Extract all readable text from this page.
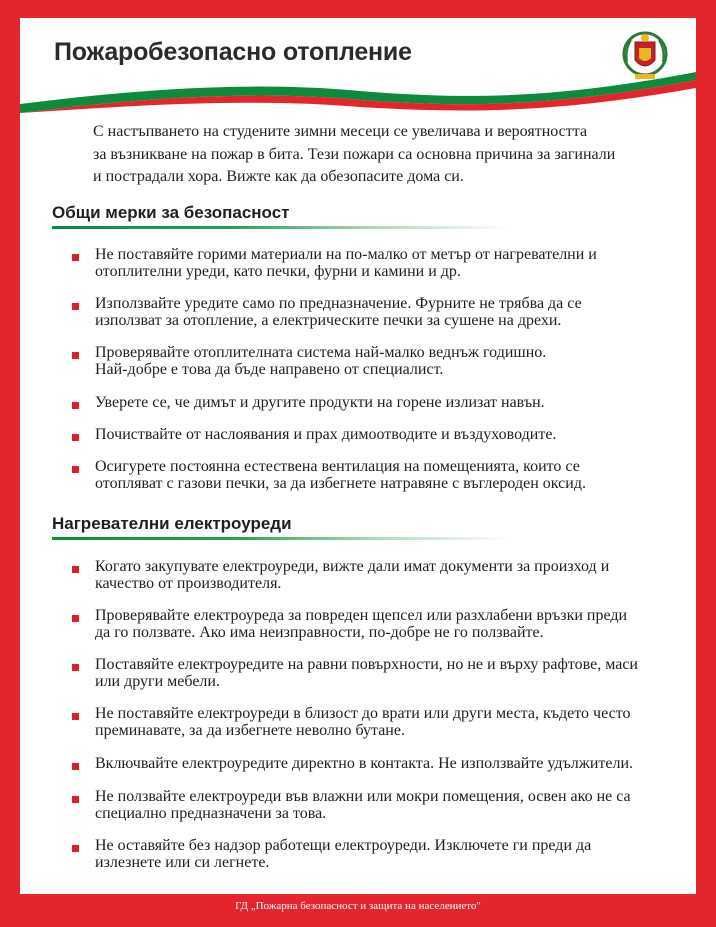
Пожаробезопасно отопление
С настъпването на студените зимни месеци се увеличава и вероятността
за възникване на пожар в бита. Тези пожари са основна причина за загинали
и пострадали хора. Вижте как да обезопасите дома си.
Общи мерки за безопасност
Не поставяйте горими материали на по-малко от метър от нагревателни и
отоплителни уреди, като печки, фурни и камини и др.
Използвайте уредите само по предназначение. Фурните не трябва да се
използват за отопление, а електрическите печки за сушене на дрехи.
Проверявайте отоплителната система най-малко веднъж годишно.
Най-добре е това да бъде направено от специалист.
Уверете се, че димът и другите продукти на горене излизат навън.
Почиствайте от наслоявания и прах димоотводите и въздуховодите.
Осигурете постоянна естествена вентилация на помещенията, които се
отопляват с газови печки, за да избегнете натравяне с въглероден оксид.
Нагревателни електроуреди
Когато закупувате електроуреди, вижте дали имат документи за произход и
качество от производителя.
Проверявайте електроуреда за повреден щепсел или разхлабени връзки преди
да го ползвате. Ако има неизправности, по-добре не го ползвайте.
Поставяйте електроуредите на равни повърхности, но не и върху рафтове, маси
или други мебели.
Не поставяйте електроуреди в близост до врати или други места, където често
преминавате, за да избегнете неволно бутане.
Включвайте електроуредите директно в контакта. Не използвайте удължители.
Не ползвайте електроуреди във влажни или мокри помещения, освен ако не са
специално предназначени за това.
Не оставяйте без надзор работещи електроуреди. Изключете ги преди да
излезнете или си легнете.
ГД „Пожарна безопасност и защита на населението"
